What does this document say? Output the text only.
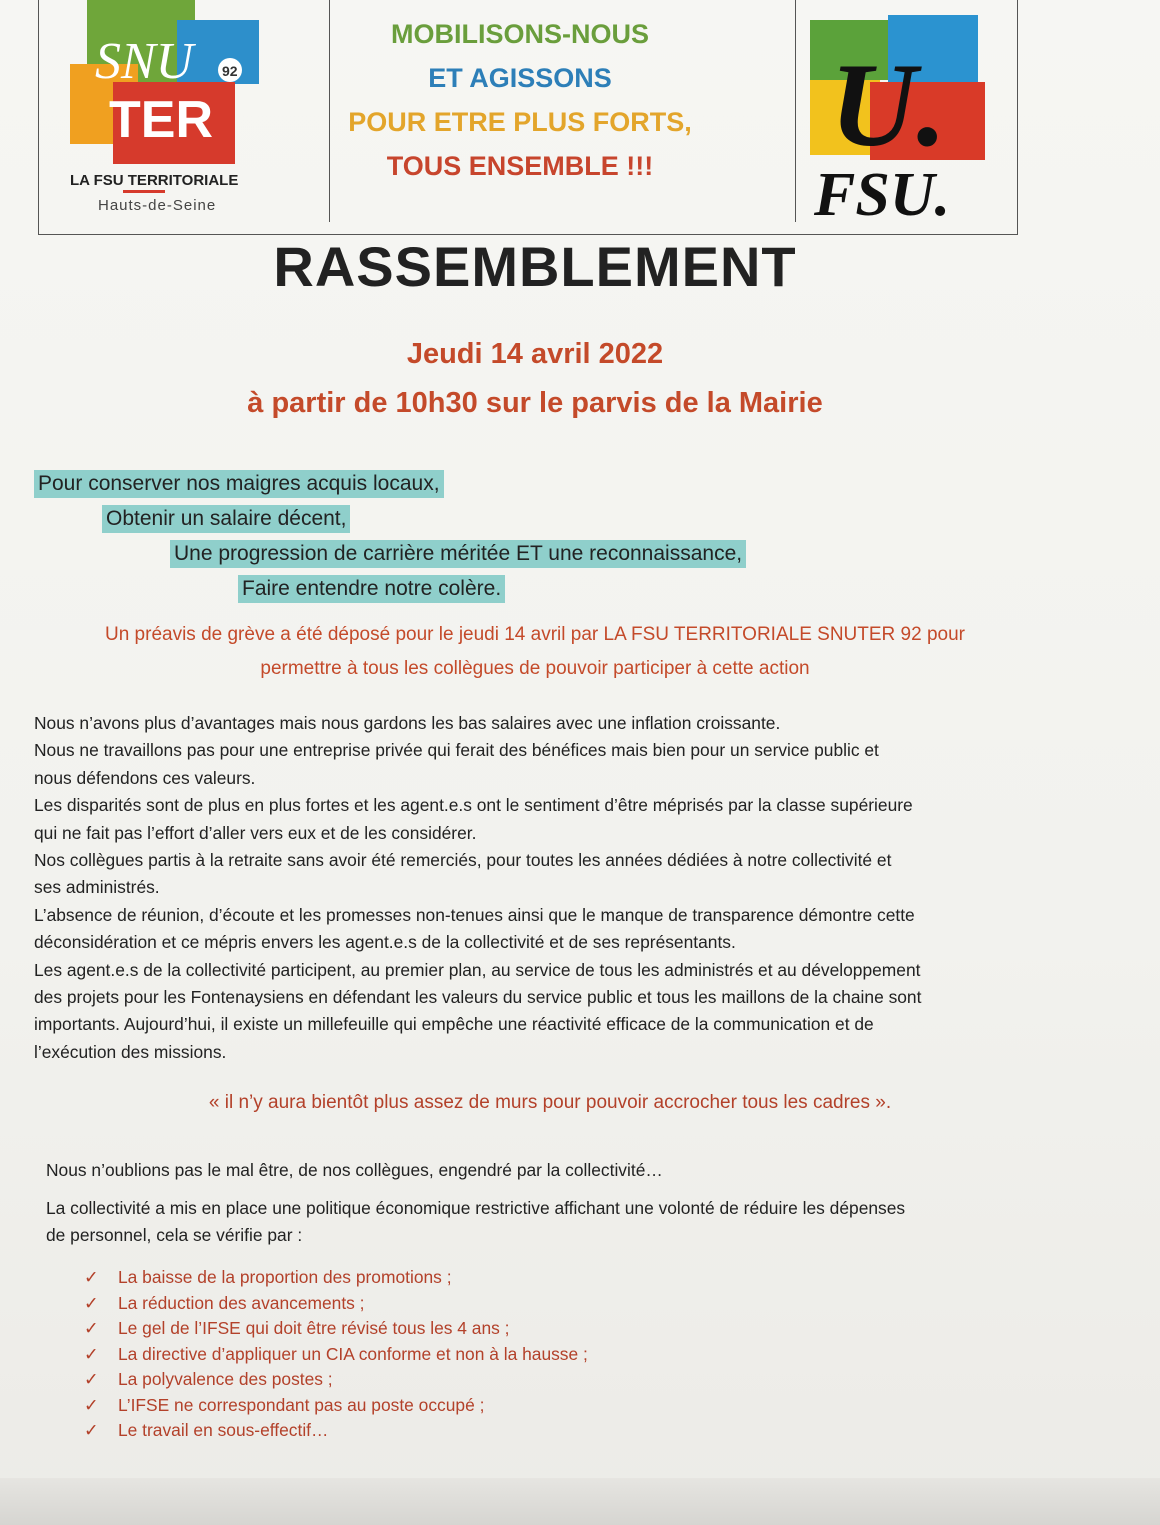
SNU 92
TER
LA FSU TERRITORIALE
Hauts-de-Seine
MOBILISONS-NOUS
ET AGISSONS
POUR ETRE PLUS FORTS,
TOUS ENSEMBLE !!!	U.
FSU.
RASSEMBLEMENT
Jeudi 14 avril 2022
à partir de 10h30 sur le parvis de la Mairie
Pour conserver nos maigres acquis locaux,
Obtenir un salaire décent,
Une progression de carrière méritée ET une reconnaissance,
Faire entendre notre colère.
Un préavis de grève a été déposé pour le jeudi 14 avril par LA FSU TERRITORIALE SNUTER 92 pour
permettre à tous les collègues de pouvoir participer à cette action

Nous n’avons plus d’avantages mais nous gardons les bas salaires avec une inflation croissante.

Nous ne travaillons pas pour une entreprise privée qui ferait des bénéfices mais bien pour un service public et

nous défendons ces valeurs.

Les disparités sont de plus en plus fortes et les agent.e.s ont le sentiment d’être méprisés par la classe supérieure

qui ne fait pas l’effort d’aller vers eux et de les considérer.

Nos collègues partis à la retraite sans avoir été remerciés, pour toutes les années dédiées à notre collectivité et

ses administrés.

L’absence de réunion, d’écoute et les promesses non-tenues ainsi que le manque de transparence démontre cette

déconsidération et ce mépris envers les agent.e.s de la collectivité et de ses représentants.

Les agent.e.s de la collectivité participent, au premier plan, au service de tous les administrés et au développement

des projets pour les Fontenaysiens en défendant les valeurs du service public et tous les maillons de la chaine sont

importants. Aujourd’hui, il existe un millefeuille qui empêche une réactivité efficace de la communication et de

l’exécution des missions.

« il n’y aura bientôt plus assez de murs pour pouvoir accrocher tous les cadres ».
Nous n’oublions pas le mal être, de nos collègues, engendré par la collectivité…
La collectivité a mis en place une politique économique restrictive affichant une volonté de réduire les dépenses
de personnel, cela se vérifie par :
✓ La baisse de la proportion des promotions ;
✓ La réduction des avancements ;
✓ Le gel de l’IFSE qui doit être révisé tous les 4 ans ;
✓ La directive d’appliquer un CIA conforme et non à la hausse ;
✓ La polyvalence des postes ;
✓ L’IFSE ne correspondant pas au poste occupé ;
✓ Le travail en sous-effectif…
